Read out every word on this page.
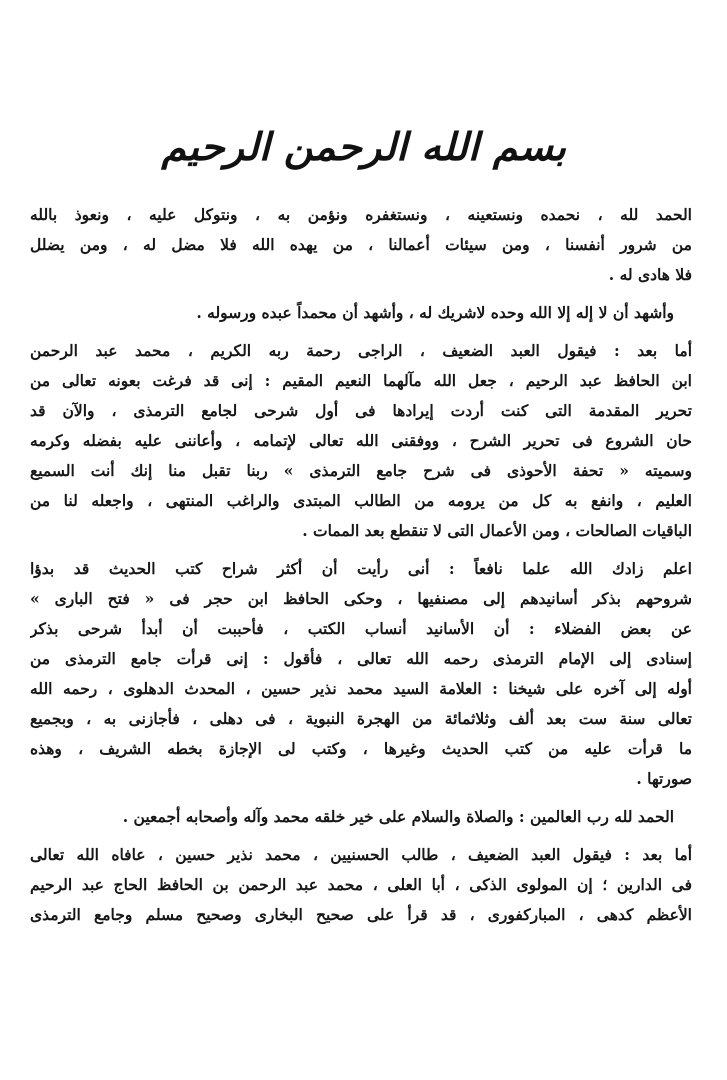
بسم الله الرحمن الرحيم
الحمد لله ، نحمده ونستعينه ، ونستغفره ونؤمن به ، ونتوكل عليه ، ونعوذ بالله
من شرور أنفسنا ، ومن سيئات أعمالنا ، من يهده الله فلا مضل له ، ومن يضلل
فلا هادى له .
وأشهد أن لا إله إلا الله وحده لاشريك له ، وأشهد أن محمداً عبده ورسوله .
أما بعد : فيقول العبد الضعيف ، الراجى رحمة ربه الكريم ، محمد عبد الرحمن
ابن الحافظ عبد الرحيم ، جعل الله مآلهما النعيم المقيم : إنى قد فرغت بعونه تعالى من
تحرير المقدمة التى كنت أردت إيرادها فى أول شرحى لجامع الترمذى ، والآن قد
حان الشروع فى تحرير الشرح ، ووفقنى الله تعالى لإتمامه ، وأعاننى عليه بفضله وكرمه
وسميته « تحفة الأحوذى فى شرح جامع الترمذى » ربنا تقبل منا إنك أنت السميع
العليم ، وانفع به كل من يرومه من الطالب المبتدى والراغب المنتهى ، واجعله لنا من
الباقيات الصالحات ، ومن الأعمال التى لا تنقطع بعد الممات .
اعلم زادك الله علما نافعاً : أنى رأيت أن أكثر شراح كتب الحديث قد بدؤا
شروحهم بذكر أسانيدهم إلى مصنفيها ، وحكى الحافظ ابن حجر فى « فتح البارى »
عن بعض الفضلاء : أن الأسانيد أنساب الكتب ، فأحببت أن أبدأ شرحى بذكر
إسنادى إلى الإمام الترمذى رحمه الله تعالى ، فأقول : إنى قرأت جامع الترمذى من
أوله إلى آخره على شيخنا : العلامة السيد محمد نذير حسين ، المحدث الدهلوى ، رحمه الله
تعالى سنة ست بعد ألف وثلاثمائة من الهجرة النبوية ، فى دهلى ، فأجازنى به ، وبجميع
ما قرأت عليه من كتب الحديث وغيرها ، وكتب لى الإجازة بخطه الشريف ، وهذه
صورتها .
الحمد لله رب العالمين : والصلاة والسلام على خير خلقه محمد وآله وأصحابه أجمعين .
أما بعد : فيقول العبد الضعيف ، طالب الحسنيين ، محمد نذير حسين ، عافاه الله تعالى
فى الدارين ؛ إن المولوى الذكى ، أبا العلى ، محمد عبد الرحمن بن الحافظ الحاج عبد الرحيم
الأعظم كدهى ، المباركفورى ، قد قرأ على صحيح البخارى وصحيح مسلم وجامع الترمذى
